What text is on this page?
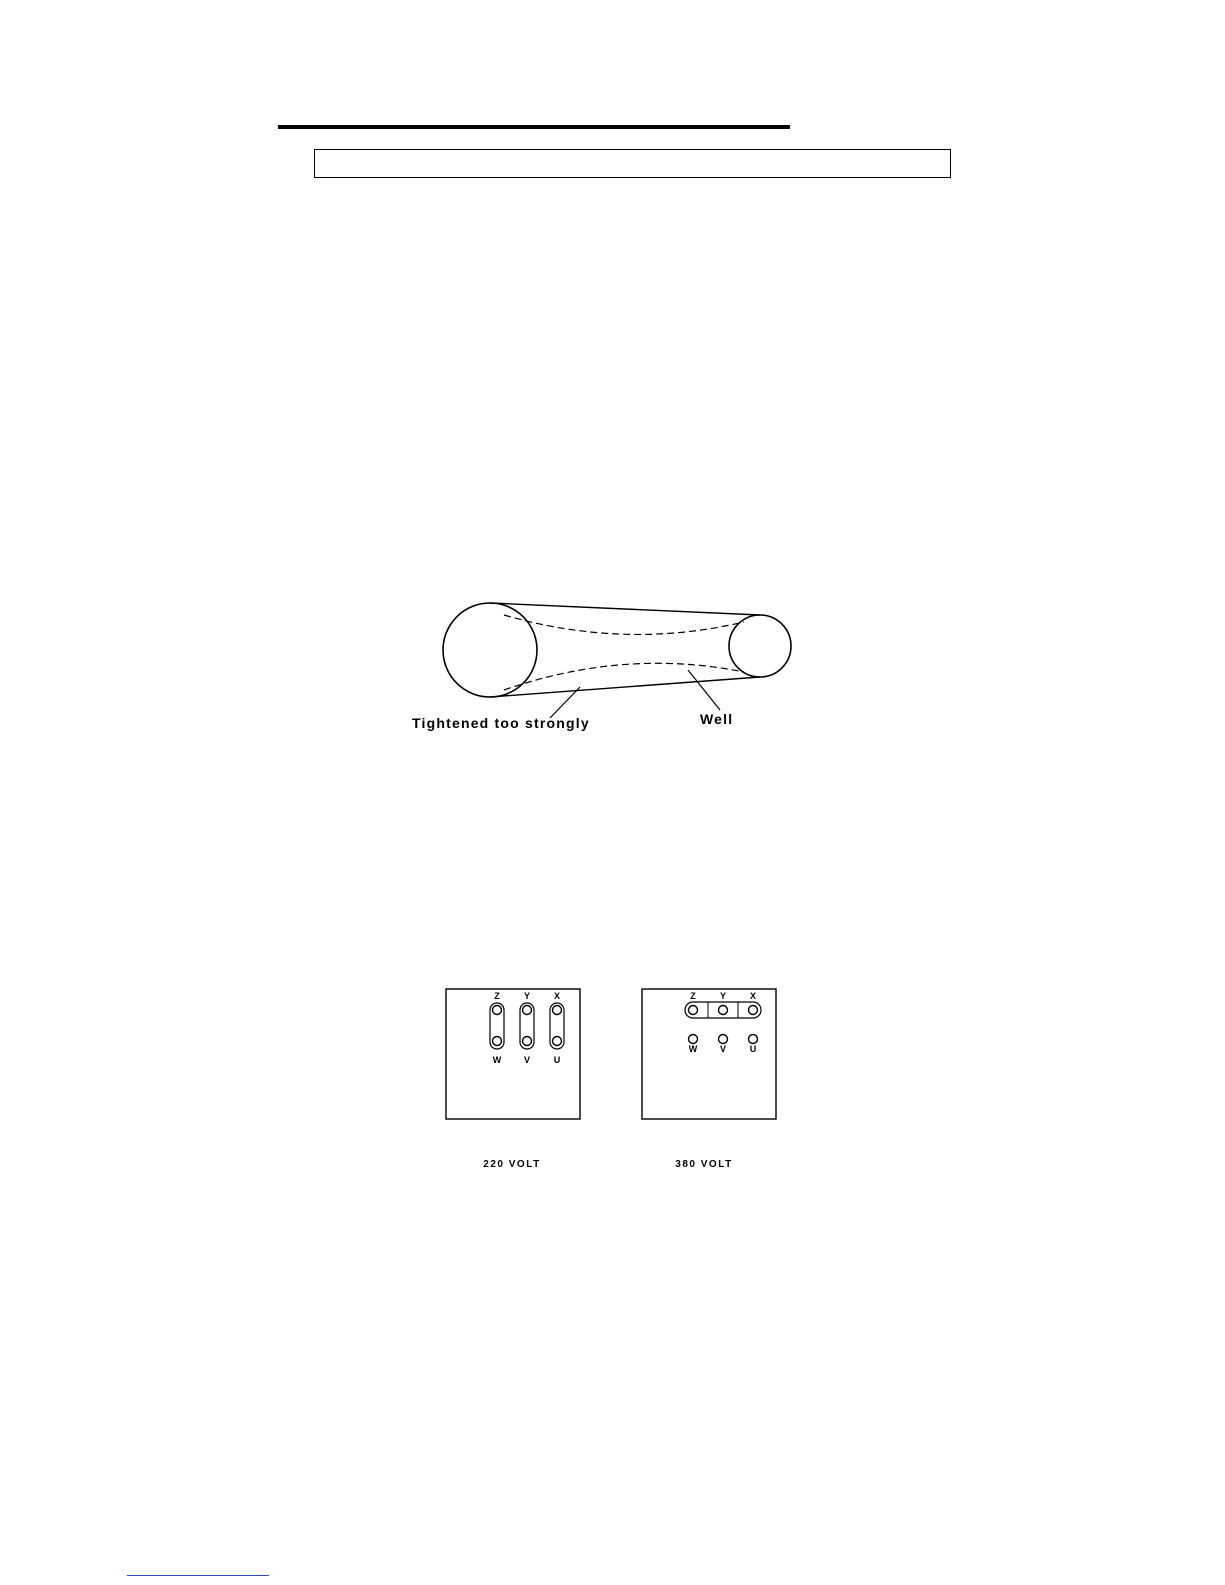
Tightened too strongly	Well
Z	Y	X
W	V	U
220 VOLT
Z	Y	X
W	V	U
380 VOLT
